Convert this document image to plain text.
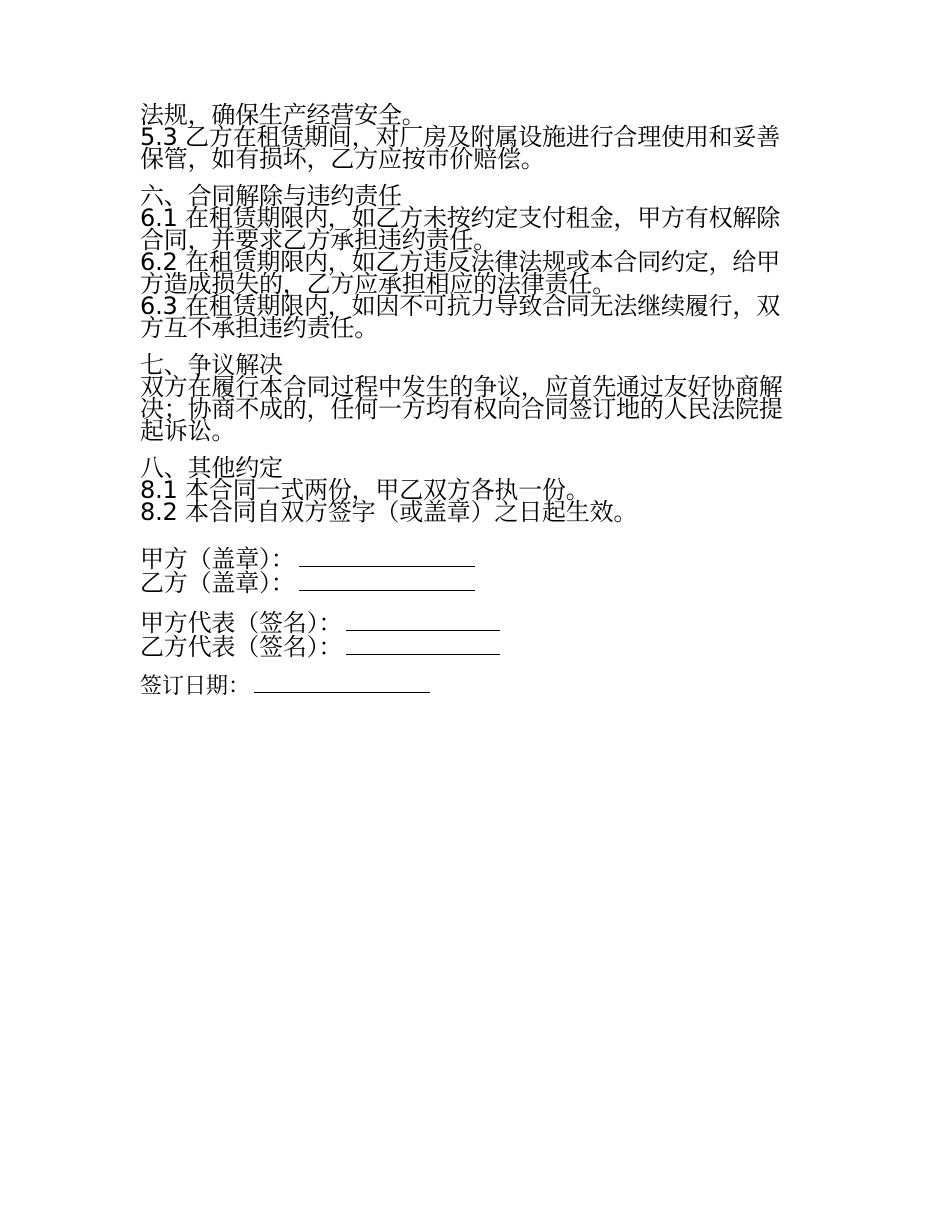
法规，确保生产经营安全。
5.3 乙方在租赁期间，对厂房及附属设施进行合理使用和妥善
保管，如有损坏，乙方应按市价赔偿。
六、合同解除与违约责任
6.1 在租赁期限内，如乙方未按约定支付租金，甲方有权解除
合同，并要求乙方承担违约责任。
6.2 在租赁期限内，如乙方违反法律法规或本合同约定，给甲
方造成损失的，乙方应承担相应的法律责任。
6.3 在租赁期限内，如因不可抗力导致合同无法继续履行，双
方互不承担违约责任。
七、争议解决
双方在履行本合同过程中发生的争议，应首先通过友好协商解
决；协商不成的，任何一方均有权向合同签订地的人民法院提
起诉讼。
八、其他约定
8.1 本合同一式两份，甲乙双方各执一份。
8.2 本合同自双方签字（或盖章）之日起生效。
甲方（盖章）：
乙方（盖章）：
甲方代表（签名）：
乙方代表（签名）：
签订日期：
